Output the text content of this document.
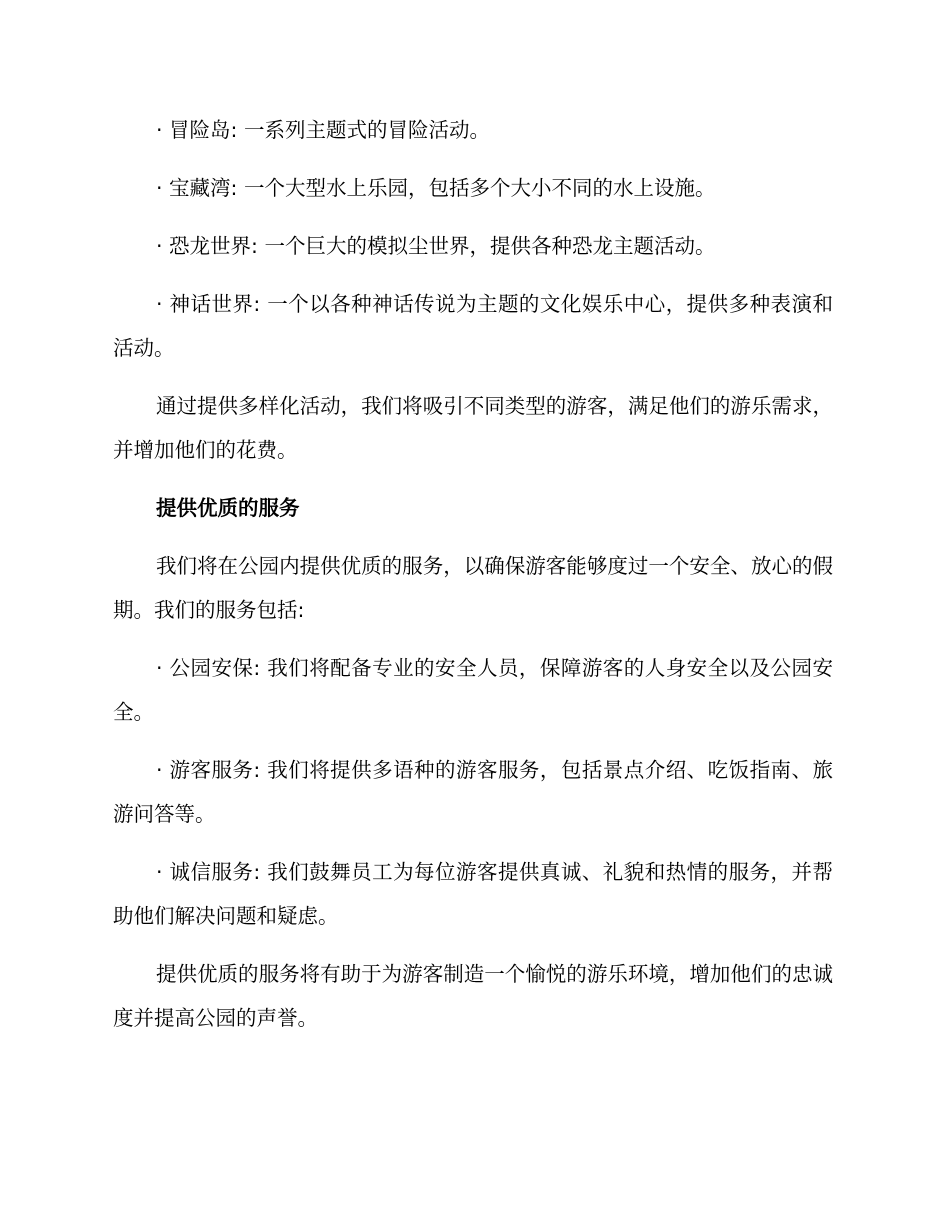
· 冒险岛: 一系列主题式的冒险活动。

· 宝藏湾: 一个大型水上乐园，包括多个大小不同的水上设施。

· 恐龙世界: 一个巨大的模拟尘世界，提供各种恐龙主题活动。

· 神话世界: 一个以各种神话传说为主题的文化娱乐中心，提供多种表演和活动。

通过提供多样化活动，我们将吸引不同类型的游客，满足他们的游乐需求，并增加他们的花费。

提供优质的服务

我们将在公园内提供优质的服务，以确保游客能够度过一个安全、放心的假期。我们的服务包括:

· 公园安保: 我们将配备专业的安全人员，保障游客的人身安全以及公园安全。

· 游客服务: 我们将提供多语种的游客服务，包括景点介绍、吃饭指南、旅游问答等。

· 诚信服务: 我们鼓舞员工为每位游客提供真诚、礼貌和热情的服务，并帮助他们解决问题和疑虑。

提供优质的服务将有助于为游客制造一个愉悦的游乐环境，增加他们的忠诚度并提高公园的声誉。
